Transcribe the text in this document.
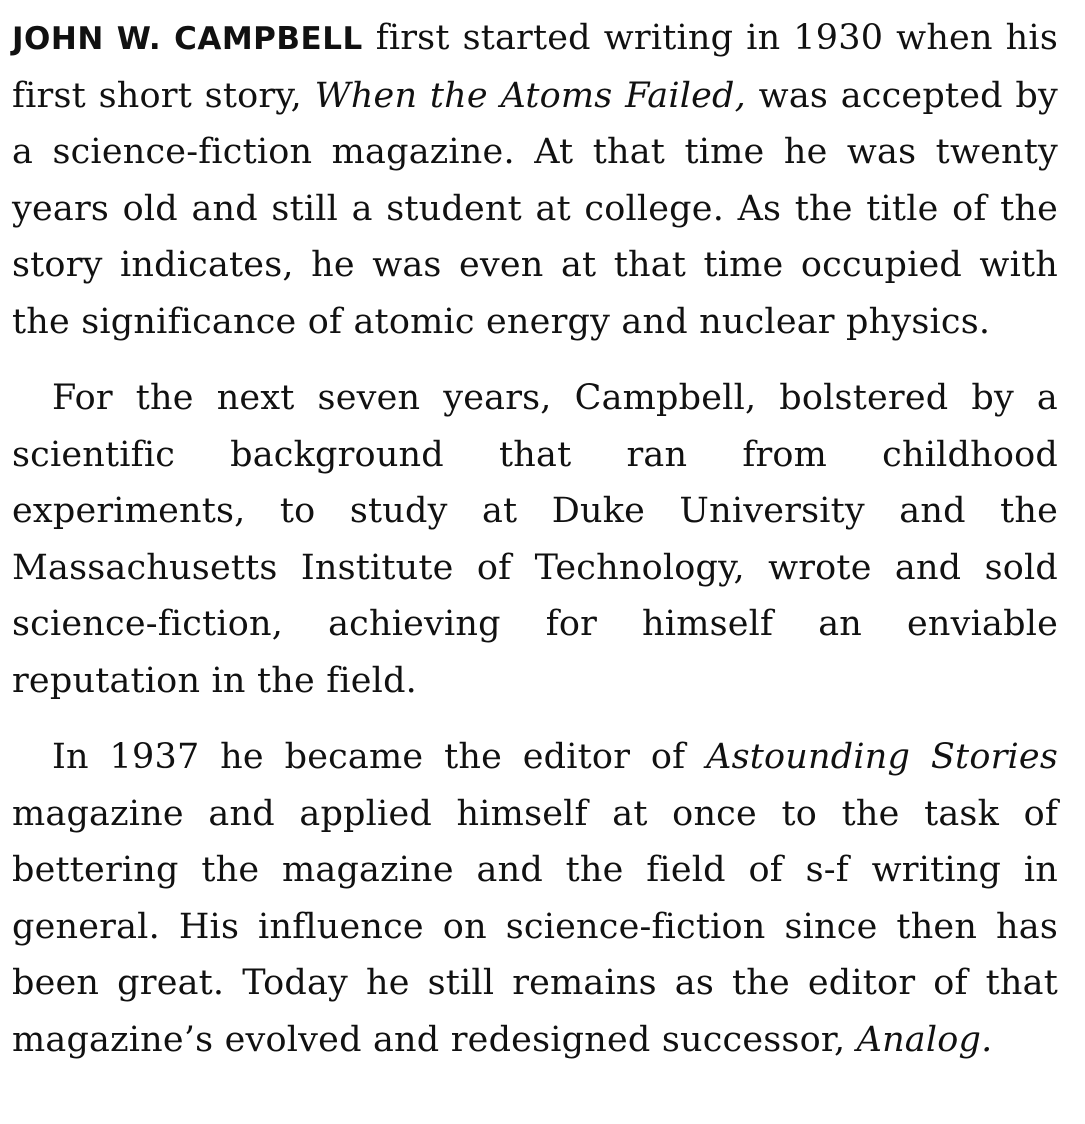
JOHN W. CAMPBELL first started writing in 1930 when his first short story, When the Atoms Failed, was accepted by a science-fiction magazine. At that time he was twenty years old and still a student at college. As the title of the story indicates, he was even at that time occupied with the significance of atomic energy and nuclear physics.

For the next seven years, Campbell, bolstered by a scientific background that ran from childhood experiments, to study at Duke University and the Massachusetts Institute of Technology, wrote and sold science-fiction, achieving for himself an enviable reputation in the field.

In 1937 he became the editor of Astounding Stories magazine and applied himself at once to the task of bettering the magazine and the field of s-f writing in general. His influence on science-fiction since then has been great. Today he still remains as the editor of that magazine’s evolved and redesigned successor, Analog.
